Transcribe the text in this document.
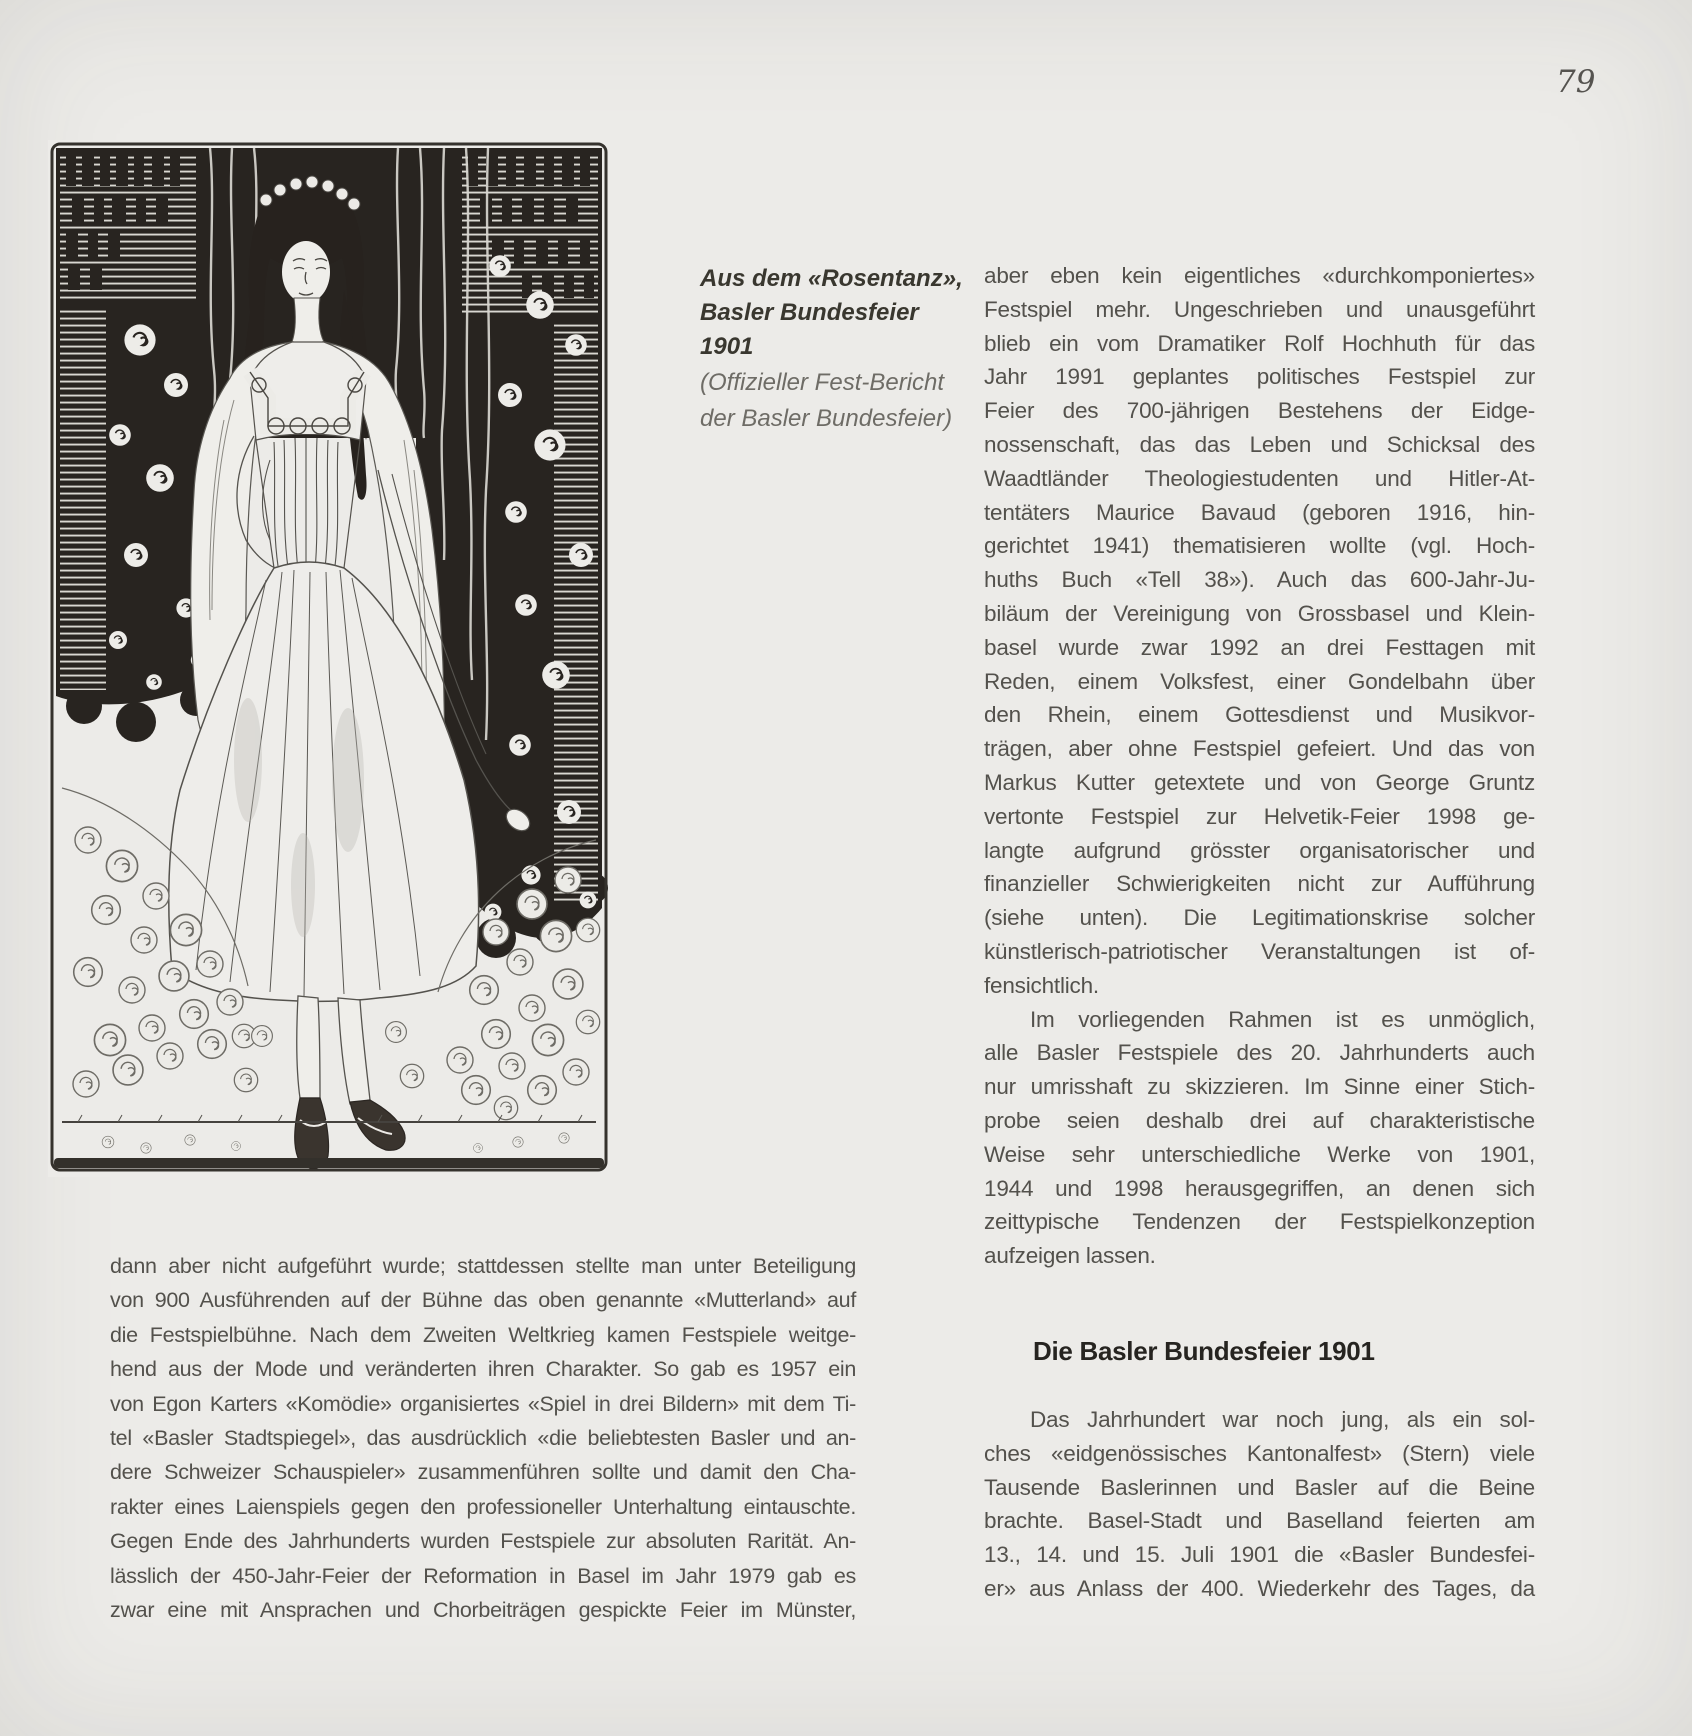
79
Aus dem «Rosentanz»,
Basler Bundesfeier
1901
(Offizieller Fest-Bericht
der Basler Bundesfeier)
aber eben kein eigentliches «durchkomponiertes»
Festspiel mehr. Ungeschrieben und unausgeführt
blieb ein vom Dramatiker Rolf Hochhuth für das
Jahr 1991 geplantes politisches Festspiel zur
Feier des 700-jährigen Bestehens der Eidge-
nossenschaft, das das Leben und Schicksal des
Waadtländer Theologiestudenten und Hitler-At-
tentäters Maurice Bavaud (geboren 1916, hin-
gerichtet 1941) thematisieren wollte (vgl. Hoch-
huths Buch «Tell 38»). Auch das 600-Jahr-Ju-
biläum der Vereinigung von Grossbasel und Klein-
basel wurde zwar 1992 an drei Festtagen mit
Reden, einem Volksfest, einer Gondelbahn über
den Rhein, einem Gottesdienst und Musikvor-
trägen, aber ohne Festspiel gefeiert. Und das von
Markus Kutter getextete und von George Gruntz
vertonte Festspiel zur Helvetik-Feier 1998 ge-
langte aufgrund grösster organisatorischer und
finanzieller Schwierigkeiten nicht zur Aufführung
(siehe unten). Die Legitimationskrise solcher
künstlerisch-patriotischer Veranstaltungen ist of-
fensichtlich.
Im vorliegenden Rahmen ist es unmöglich,
alle Basler Festspiele des 20. Jahrhunderts auch
nur umrisshaft zu skizzieren. Im Sinne einer Stich-
probe seien deshalb drei auf charakteristische
Weise sehr unterschiedliche Werke von 1901,
1944 und 1998 herausgegriffen, an denen sich
zeittypische Tendenzen der Festspielkonzeption
aufzeigen lassen.
Die Basler Bundesfeier 1901
Das Jahrhundert war noch jung, als ein sol-
ches «eidgenössisches Kantonalfest» (Stern) viele
Tausende Baslerinnen und Basler auf die Beine
brachte. Basel-Stadt und Baselland feierten am
13., 14. und 15. Juli 1901 die «Basler Bundesfei-
er» aus Anlass der 400. Wiederkehr des Tages, da
dann aber nicht aufgeführt wurde; stattdessen stellte man unter Beteiligung
von 900 Ausführenden auf der Bühne das oben genannte «Mutterland» auf
die Festspielbühne. Nach dem Zweiten Weltkrieg kamen Festspiele weitge-
hend aus der Mode und veränderten ihren Charakter. So gab es 1957 ein
von Egon Karters «Komödie» organisiertes «Spiel in drei Bildern» mit dem Ti-
tel «Basler Stadtspiegel», das ausdrücklich «die beliebtesten Basler und an-
dere Schweizer Schauspieler» zusammenführen sollte und damit den Cha-
rakter eines Laienspiels gegen den professioneller Unterhaltung eintauschte.
Gegen Ende des Jahrhunderts wurden Festspiele zur absoluten Rarität. An-
lässlich der 450-Jahr-Feier der Reformation in Basel im Jahr 1979 gab es
zwar eine mit Ansprachen und Chorbeiträgen gespickte Feier im Münster,
